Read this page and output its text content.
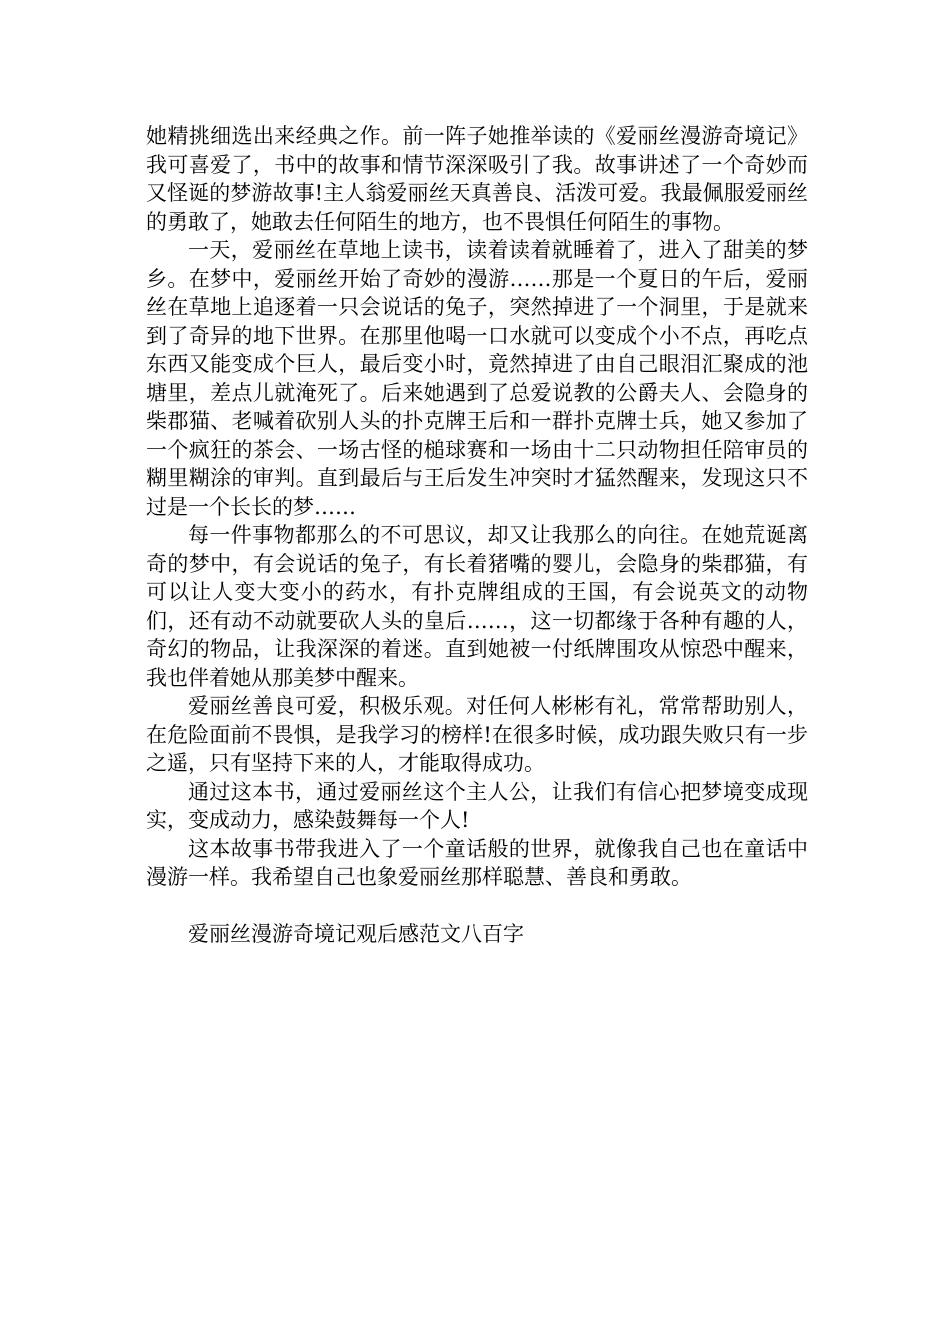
她精挑细选出来经典之作。前一阵子她推举读的《爱丽丝漫游奇境记》我可喜爱了，书中的故事和情节深深吸引了我。故事讲述了一个奇妙而又怪诞的梦游故事!主人翁爱丽丝天真善良、活泼可爱。我最佩服爱丽丝的勇敢了，她敢去任何陌生的地方，也不畏惧任何陌生的事物。

一天，爱丽丝在草地上读书，读着读着就睡着了，进入了甜美的梦乡。在梦中，爱丽丝开始了奇妙的漫游……那是一个夏日的午后，爱丽丝在草地上追逐着一只会说话的兔子，突然掉进了一个洞里，于是就来到了奇异的地下世界。在那里他喝一口水就可以变成个小不点，再吃点东西又能变成个巨人，最后变小时，竟然掉进了由自己眼泪汇聚成的池塘里，差点儿就淹死了。后来她遇到了总爱说教的公爵夫人、会隐身的柴郡猫、老喊着砍别人头的扑克牌王后和一群扑克牌士兵，她又参加了一个疯狂的茶会、一场古怪的槌球赛和一场由十二只动物担任陪审员的糊里糊涂的审判。直到最后与王后发生冲突时才猛然醒来，发现这只不过是一个长长的梦……

每一件事物都那么的不可思议，却又让我那么的向往。在她荒诞离奇的梦中，有会说话的兔子，有长着猪嘴的婴儿，会隐身的柴郡猫，有可以让人变大变小的药水，有扑克牌组成的王国，有会说英文的动物们，还有动不动就要砍人头的皇后……，这一切都缘于各种有趣的人，奇幻的物品，让我深深的着迷。直到她被一付纸牌围攻从惊恐中醒来，我也伴着她从那美梦中醒来。

爱丽丝善良可爱，积极乐观。对任何人彬彬有礼，常常帮助别人，在危险面前不畏惧，是我学习的榜样!在很多时候，成功跟失败只有一步之遥，只有坚持下来的人，才能取得成功。

通过这本书，通过爱丽丝这个主人公，让我们有信心把梦境变成现实，变成动力，感染鼓舞每一个人!

这本故事书带我进入了一个童话般的世界，就像我自己也在童话中漫游一样。我希望自己也象爱丽丝那样聪慧、善良和勇敢。

爱丽丝漫游奇境记观后感范文八百字
